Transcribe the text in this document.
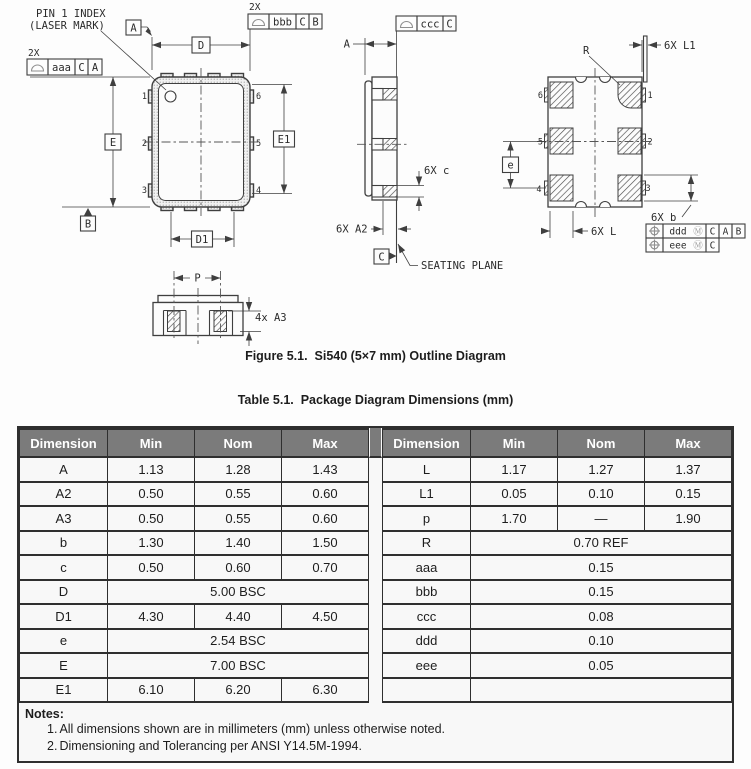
1
2
3
6
5
4
PIN 1 INDEX
(LASER MARK)
D
A
2X
bbb C B
E
2X
aaa C A
B
E1
D1
ccc C
A
6X c
6X A2
C
SEATING PLANE
6
5
4
1
2
3
R	6X L1
e
6X b
6X L	ddd Ⓜ C A B
eee Ⓜ C
P
4x A3
Figure 5.1.  Si540 (5×7 mm) Outline Diagram
Table 5.1.  Package Diagram Dimensions (mm)
Dimension	Min	Nom	Max
A	1.13	1.28	1.43
A2	0.50	0.55	0.60
A3	0.50	0.55	0.60
b	1.30	1.40	1.50
c	0.50	0.60	0.70
D	5.00 BSC		
D1	4.30	4.40	4.50
e	2.54 BSC		
E	7.00 BSC		
E1	6.10	6.20	6.30
Dimension	Min	Nom	Max
L	1.17	1.27	1.37
L1	0.05	0.10	0.15
p	1.70	—	1.90
R	0.70 REF		
aaa	0.15		
bbb	0.15		
ccc	0.08		
ddd	0.10		
eee	0.05		

Notes:
1. All dimensions shown are in millimeters (mm) unless otherwise noted.
2. Dimensioning and Tolerancing per ANSI Y14.5M-1994.
